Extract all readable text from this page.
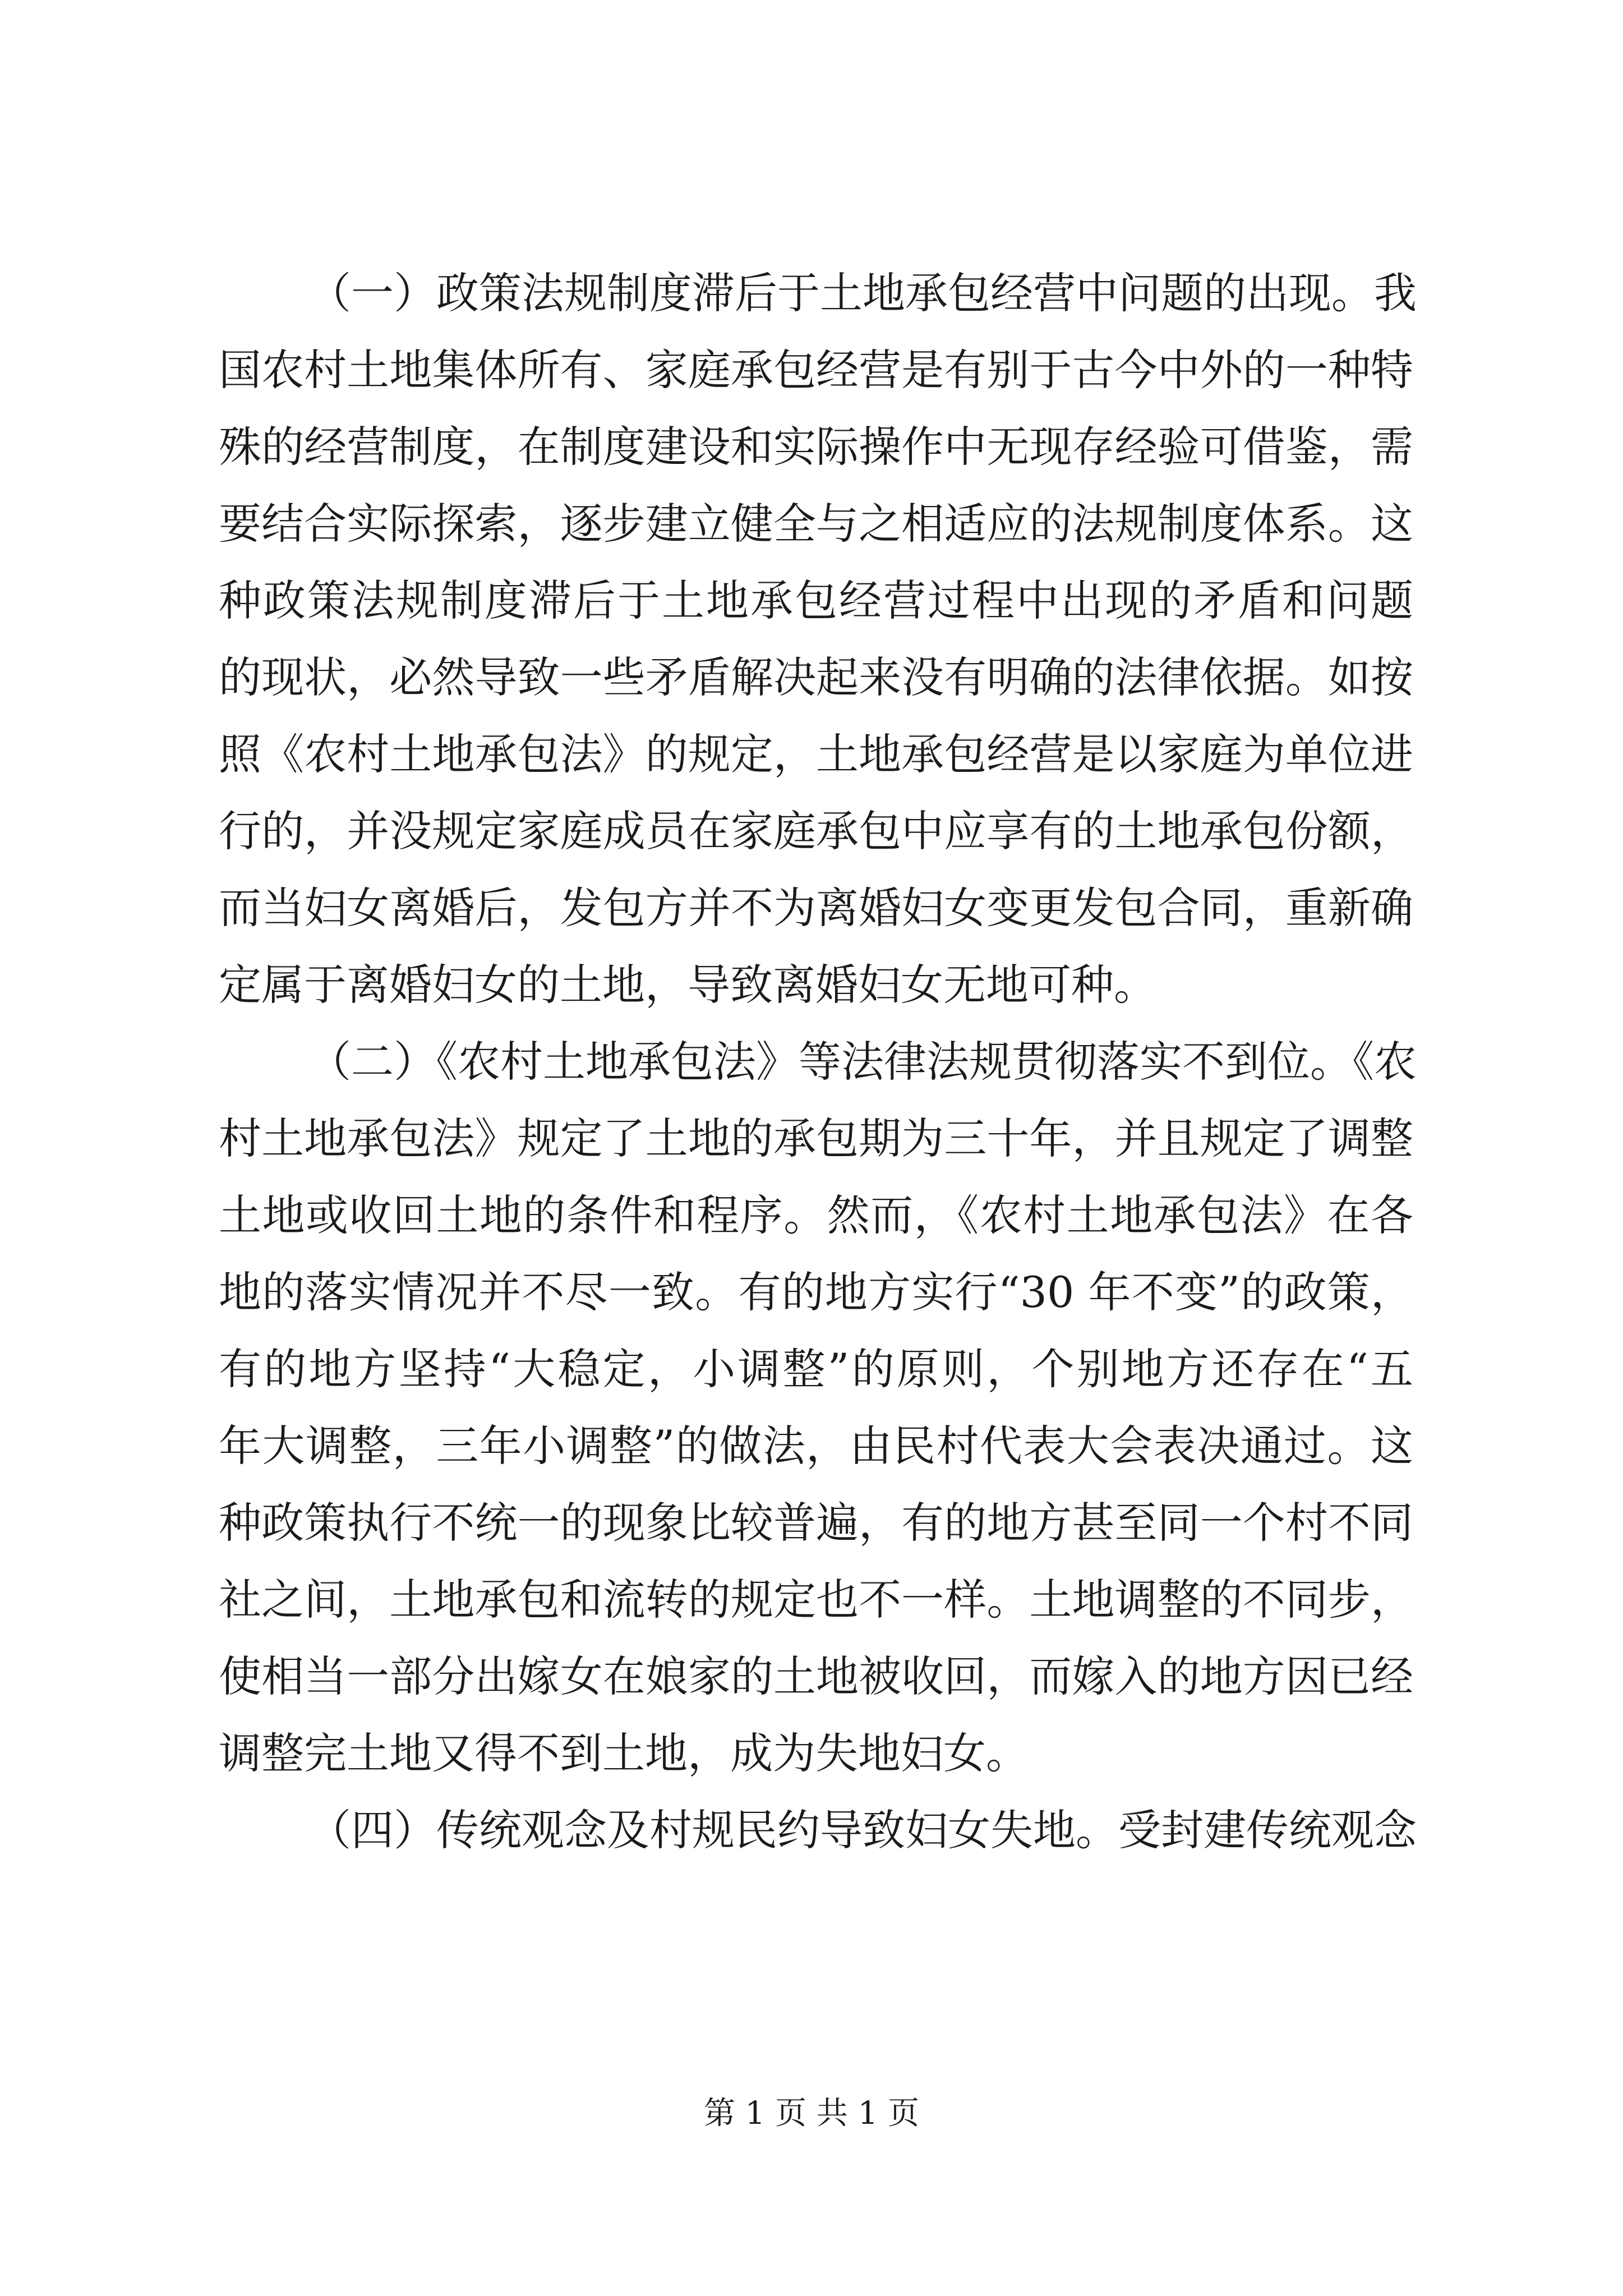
（一）政策法规制度滞后于土地承包经营中问题的出现。我
国农村土地集体所有、家庭承包经营是有别于古今中外的一种特
殊的经营制度，在制度建设和实际操作中无现存经验可借鉴，需
要结合实际探索，逐步建立健全与之相适应的法规制度体系。这
种政策法规制度滞后于土地承包经营过程中出现的矛盾和问题
的现状，必然导致一些矛盾解决起来没有明确的法律依据。如按
照《农村土地承包法》的规定，土地承包经营是以家庭为单位进
行的，并没规定家庭成员在家庭承包中应享有的土地承包份额，
而当妇女离婚后，发包方并不为离婚妇女变更发包合同，重新确
定属于离婚妇女的土地，导致离婚妇女无地可种。
（二）《农村土地承包法》等法律法规贯彻落实不到位。《农
村土地承包法》规定了土地的承包期为三十年，并且规定了调整
土地或收回土地的条件和程序。然而，《农村土地承包法》在各
地的落实情况并不尽一致。有的地方实行“30 年不变”的政策，
有的地方坚持“大稳定，小调整”的原则，个别地方还存在“五
年大调整，三年小调整”的做法，由民村代表大会表决通过。这
种政策执行不统一的现象比较普遍，有的地方甚至同一个村不同
社之间，土地承包和流转的规定也不一样。土地调整的不同步，
使相当一部分出嫁女在娘家的土地被收回，而嫁入的地方因已经
调整完土地又得不到土地，成为失地妇女。
（四）传统观念及村规民约导致妇女失地。受封建传统观念
第 1 页 共 1 页
